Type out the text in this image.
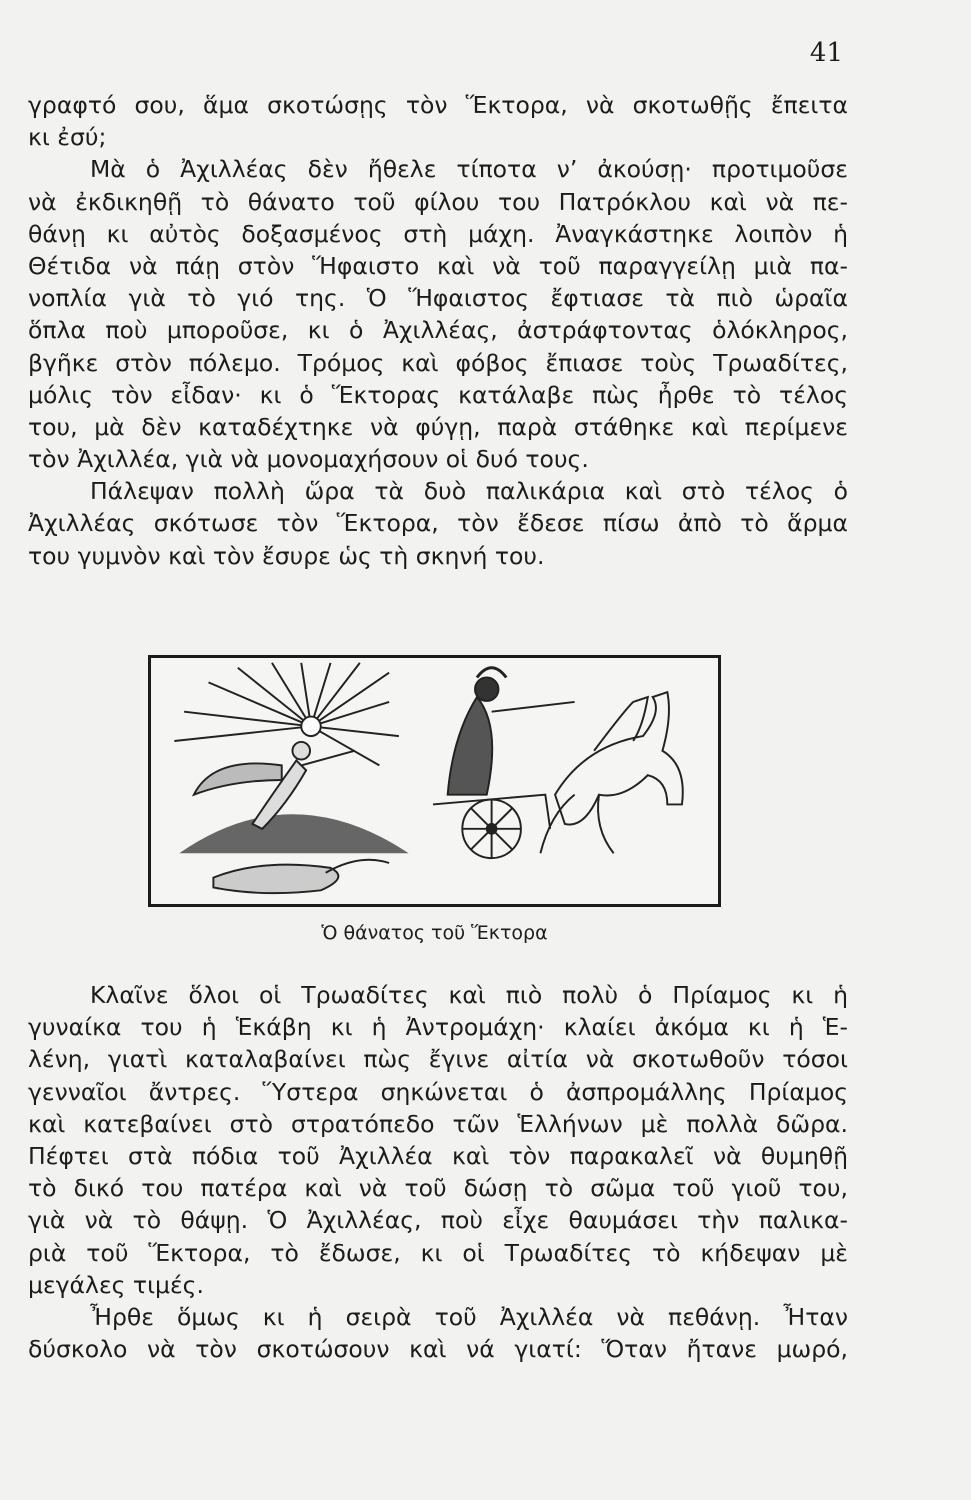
41
γραφτό σου, ἅμα σκοτώσῃς τὸν Ἕκτορα, νὰ σκοτωθῇς ἔπειτα
κι ἐσύ;
Μὰ ὁ Ἀχιλλέας δὲν ἤθελε τίποτα ν’ ἀκούσῃ· προτιμοῦσε
νὰ ἐκδικηθῇ τὸ θάνατο τοῦ φίλου του Πατρόκλου καὶ νὰ πε-
θάνῃ κι αὐτὸς δοξασμένος στὴ μάχη. Ἀναγκάστηκε λοιπὸν ἡ
Θέτιδα νὰ πάῃ στὸν Ἥφαιστο καὶ νὰ τοῦ παραγγείλῃ μιὰ πα-
νοπλία γιὰ τὸ γιό της. Ὁ Ἥφαιστος ἔφτιασε τὰ πιὸ ὡραῖα
ὅπλα ποὺ μποροῦσε, κι ὁ Ἀχιλλέας, ἀστράφτοντας ὁλόκληρος,
βγῆκε στὸν πόλεμο. Τρόμος καὶ φόβος ἔπιασε τοὺς Τρωαδίτες,
μόλις τὸν εἶδαν· κι ὁ Ἕκτορας κατάλαβε πὼς ἦρθε τὸ τέλος
του, μὰ δὲν καταδέχτηκε νὰ φύγῃ, παρὰ στάθηκε καὶ περίμενε
τὸν Ἀχιλλέα, γιὰ νὰ μονομαχήσουν οἱ δυό τους.
Πάλεψαν πολλὴ ὥρα τὰ δυὸ παλικάρια καὶ στὸ τέλος ὁ
Ἀχιλλέας σκότωσε τὸν Ἕκτορα, τὸν ἔδεσε πίσω ἀπὸ τὸ ἅρμα
του γυμνὸν καὶ τὸν ἔσυρε ὡς τὴ σκηνή του.
Ὁ θάνατος τοῦ Ἕκτορα
Κλαῖνε ὅλοι οἱ Τρωαδίτες καὶ πιὸ πολὺ ὁ Πρίαμος κι ἡ
γυναίκα του ἡ Ἑκάβη κι ἡ Ἀντρομάχη· κλαίει ἀκόμα κι ἡ Ἑ-
λένη, γιατὶ καταλαβαίνει πὼς ἔγινε αἰτία νὰ σκοτωθοῦν τόσοι
γενναῖοι ἄντρες. Ὕστερα σηκώνεται ὁ ἀσπρομάλλης Πρίαμος
καὶ κατεβαίνει στὸ στρατόπεδο τῶν Ἑλλήνων μὲ πολλὰ δῶρα.
Πέφτει στὰ πόδια τοῦ Ἀχιλλέα καὶ τὸν παρακαλεῖ νὰ θυμηθῇ
τὸ δικό του πατέρα καὶ νὰ τοῦ δώσῃ τὸ σῶμα τοῦ γιοῦ του,
γιὰ νὰ τὸ θάψῃ. Ὁ Ἀχιλλέας, ποὺ εἶχε θαυμάσει τὴν παλικα-
ριὰ τοῦ Ἕκτορα, τὸ ἔδωσε, κι οἱ Τρωαδίτες τὸ κήδεψαν μὲ
μεγάλες τιμές.
Ἦρθε ὅμως κι ἡ σειρὰ τοῦ Ἀχιλλέα νὰ πεθάνῃ. Ἦταν
δύσκολο νὰ τὸν σκοτώσουν καὶ νά γιατί: Ὅταν ἤτανε μωρό,
